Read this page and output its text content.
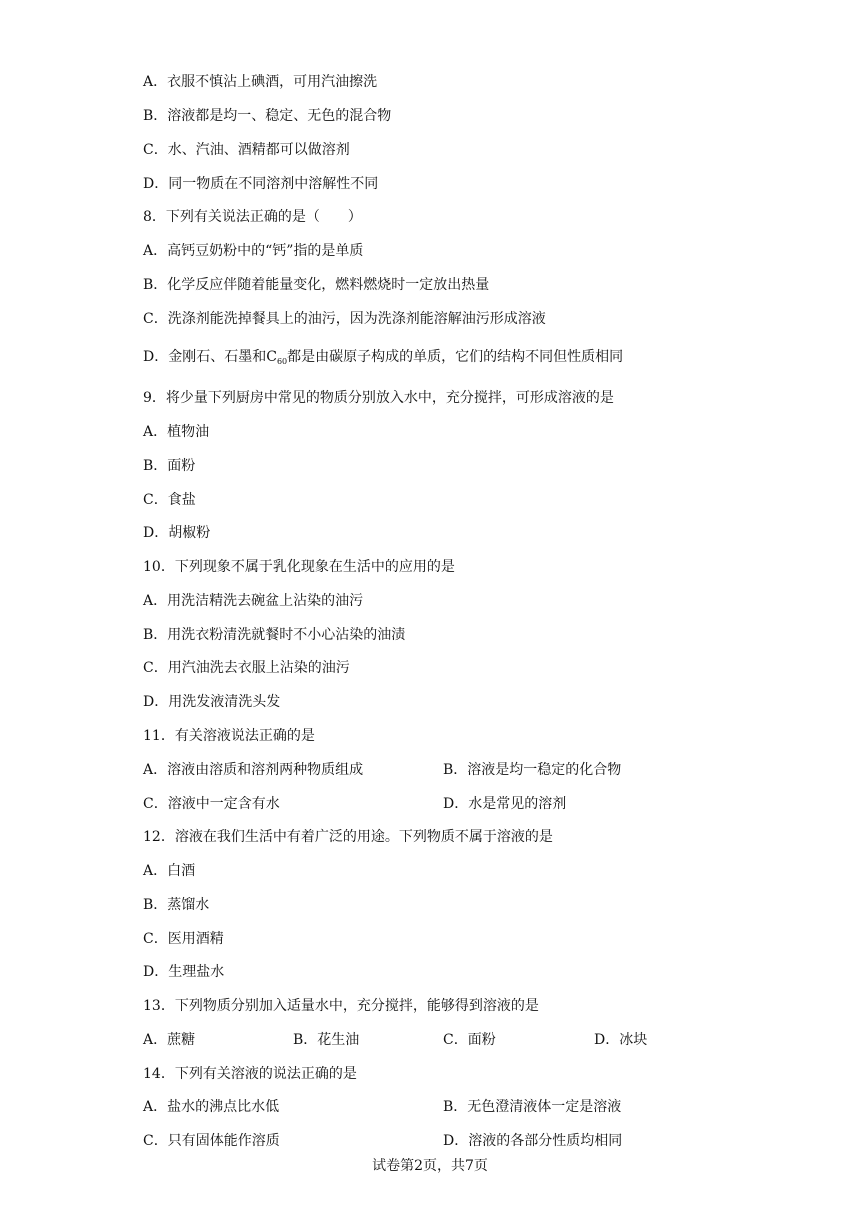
A．衣服不慎沾上碘酒，可用汽油擦洗
B．溶液都是均一、稳定、无色的混合物
C．水、汽油、酒精都可以做溶剂
D．同一物质在不同溶剂中溶解性不同
8．下列有关说法正确的是（　　）
A．高钙豆奶粉中的“钙”指的是单质
B．化学反应伴随着能量变化，燃料燃烧时一定放出热量
C．洗涤剂能洗掉餐具上的油污，因为洗涤剂能溶解油污形成溶液
D．金刚石、石墨和$C_{60}$都是由碳原子构成的单质，它们的结构不同但性质相同
9．将少量下列厨房中常见的物质分别放入水中，充分搅拌，可形成溶液的是
A．植物油
B．面粉
C．食盐
D．胡椒粉
10．下列现象不属于乳化现象在生活中的应用的是
A．用洗洁精洗去碗盆上沾染的油污
B．用洗衣粉清洗就餐时不小心沾染的油渍
C．用汽油洗去衣服上沾染的油污
D．用洗发液清洗头发
11．有关溶液说法正确的是
A．溶液由溶质和溶剂两种物质组成	B．溶液是均一稳定的化合物
C．溶液中一定含有水	D．水是常见的溶剂
12．溶液在我们生活中有着广泛的用途。下列物质不属于溶液的是
A．白酒
B．蒸馏水
C．医用酒精
D．生理盐水
13．下列物质分别加入适量水中，充分搅拌，能够得到溶液的是
A．蔗糖	B．花生油	C．面粉	D．冰块
14．下列有关溶液的说法正确的是
A．盐水的沸点比水低	B．无色澄清液体一定是溶液
C．只有固体能作溶质	D．溶液的各部分性质均相同
试卷第2页，共7页
